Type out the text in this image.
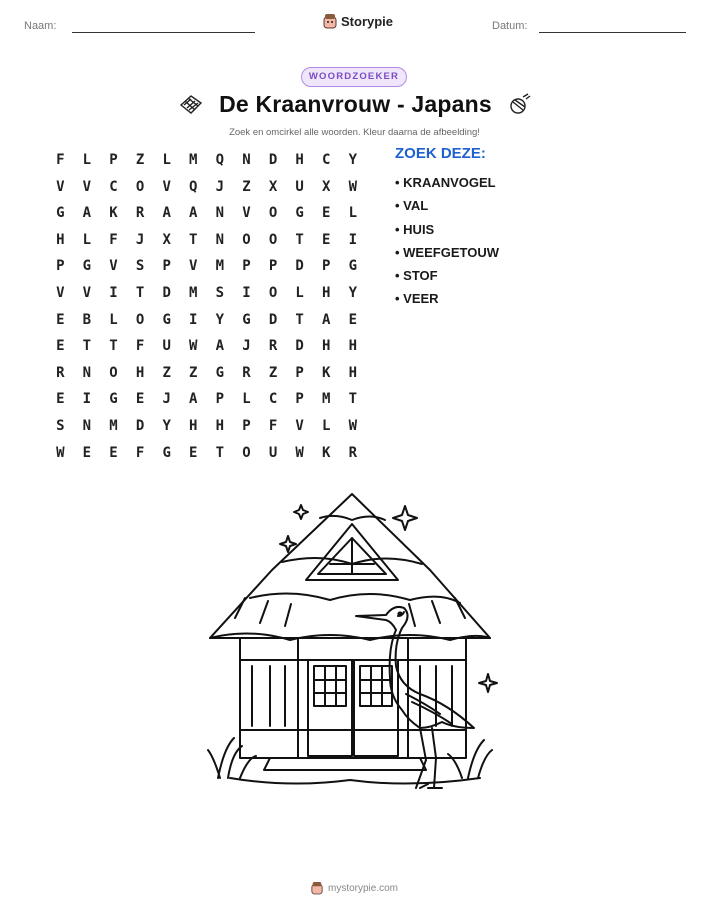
Naam:	Storypie	Datum:
WOORDZOEKER
De Kraanvrouw - Japans
Zoek en omcirkel alle woorden. Kleur daarna de afbeelding!
F	L	P	Z	L	M	Q	N	D	H	C	Y
V	V	C	O	V	Q	J	Z	X	U	X	W
G	A	K	R	A	A	N	V	O	G	E	L
H	L	F	J	X	T	N	O	O	T	E	I
P	G	V	S	P	V	M	P	P	D	P	G
V	V	I	T	D	M	S	I	O	L	H	Y
E	B	L	O	G	I	Y	G	D	T	A	E
E	T	T	F	U	W	A	J	R	D	H	H
R	N	O	H	Z	Z	G	R	Z	P	K	H
E	I	G	E	J	A	P	L	C	P	M	T
S	N	M	D	Y	H	H	P	F	V	L	W
W	E	E	F	G	E	T	O	U	W	K	R
ZOEK DEZE:
• KRAANVOGEL
• VAL
• HUIS
• WEEFGETOUW
• STOF
• VEER
mystorypie.com
